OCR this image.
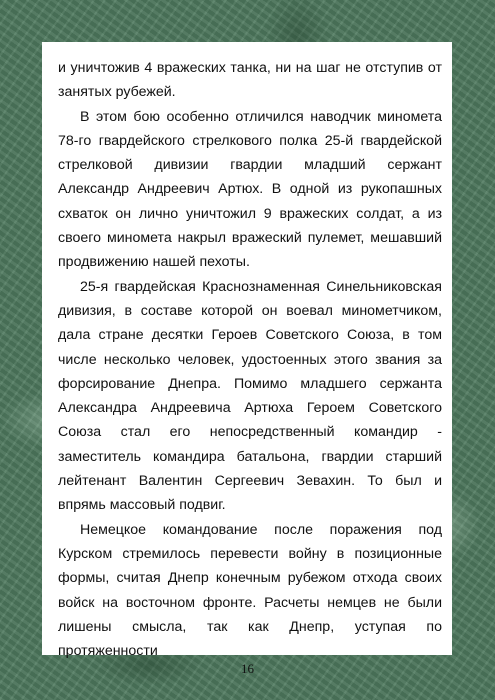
и уничтожив 4 вражеских танка, ни на шаг не отступив от занятых рубежей.

В этом бою особенно отличился наводчик миномета 78-го гвардейского стрелкового полка 25-й гвардейской стрелковой дивизии гвардии младший сержант Александр Андреевич Артюх. В одной из рукопашных схваток он лично уничтожил 9 вражеских солдат, а из своего миномета накрыл вражеский пулемет, мешавший продвижению нашей пехоты.

25-я гвардейская Краснознаменная Синельниковская дивизия, в составе которой он воевал минометчиком, дала стране десятки Героев Советского Союза, в том числе несколько человек, удостоенных этого звания за форсирование Днепра. Помимо младшего сержанта Александра Андреевича Артюха Героем Советского Союза стал его непосредственный командир - заместитель командира батальона, гвардии старший лейтенант Валентин Сергеевич Зевахин. То был и впрямь массовый подвиг.

Немецкое командование после поражения под Курском стремилось перевести войну в позиционные формы, считая Днепр конечным рубежом отхода своих войск на восточном фронте. Расчеты немцев не были лишены смысла, так как Днепр, уступая по протяженности

16
